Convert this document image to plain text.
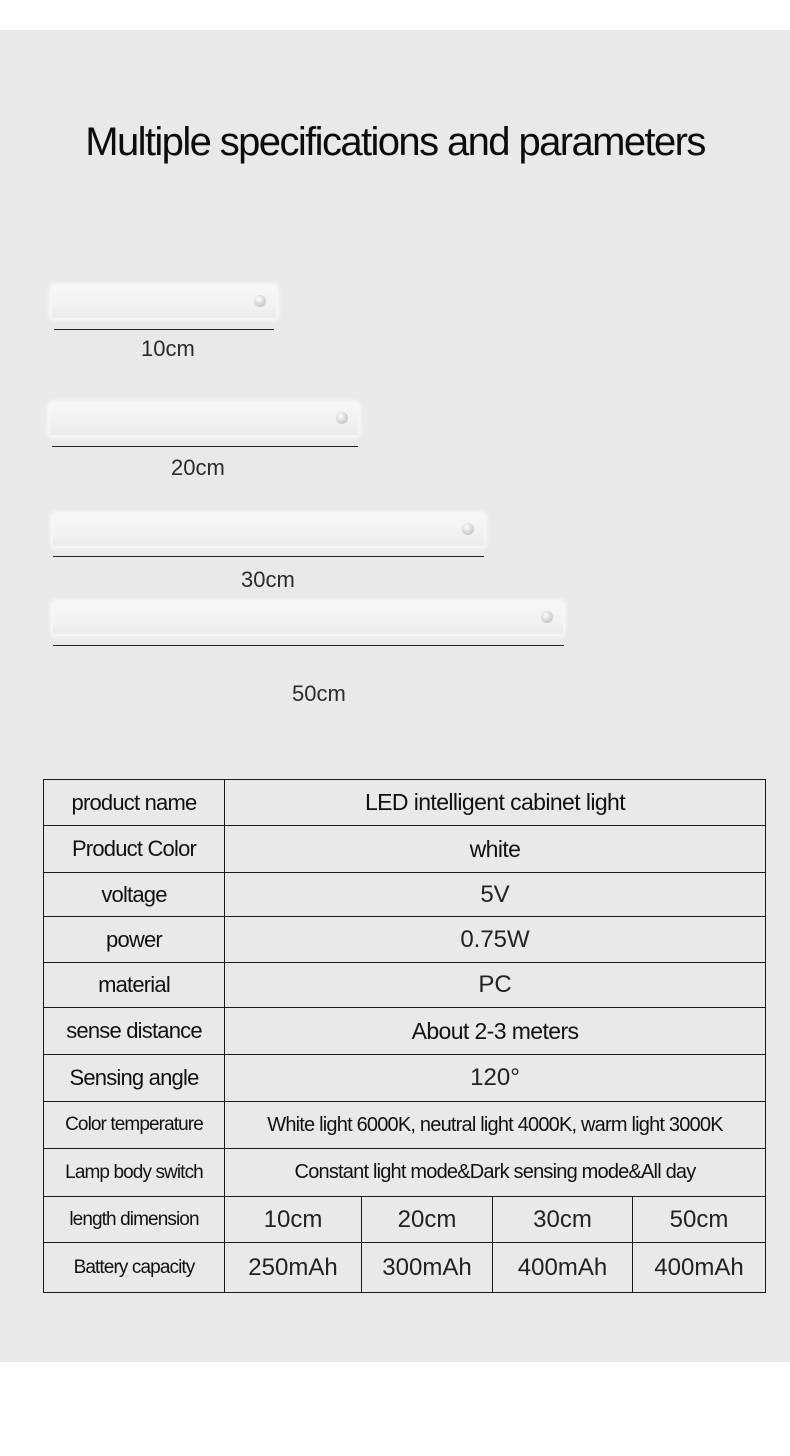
Multiple specifications and parameters
10cm
20cm
30cm
50cm
product name	LED intelligent cabinet light			
Product Color	white			
voltage	5V			
power	0.75W			
material	PC			
sense distance	About 2-3 meters			
Sensing angle	120°			
Color temperature	White light 6000K, neutral light 4000K, warm light 3000K			
Lamp body switch	Constant light mode&Dark sensing mode&All day			
length dimension	10cm	20cm	30cm	50cm
Battery capacity	250mAh	300mAh	400mAh	400mAh
